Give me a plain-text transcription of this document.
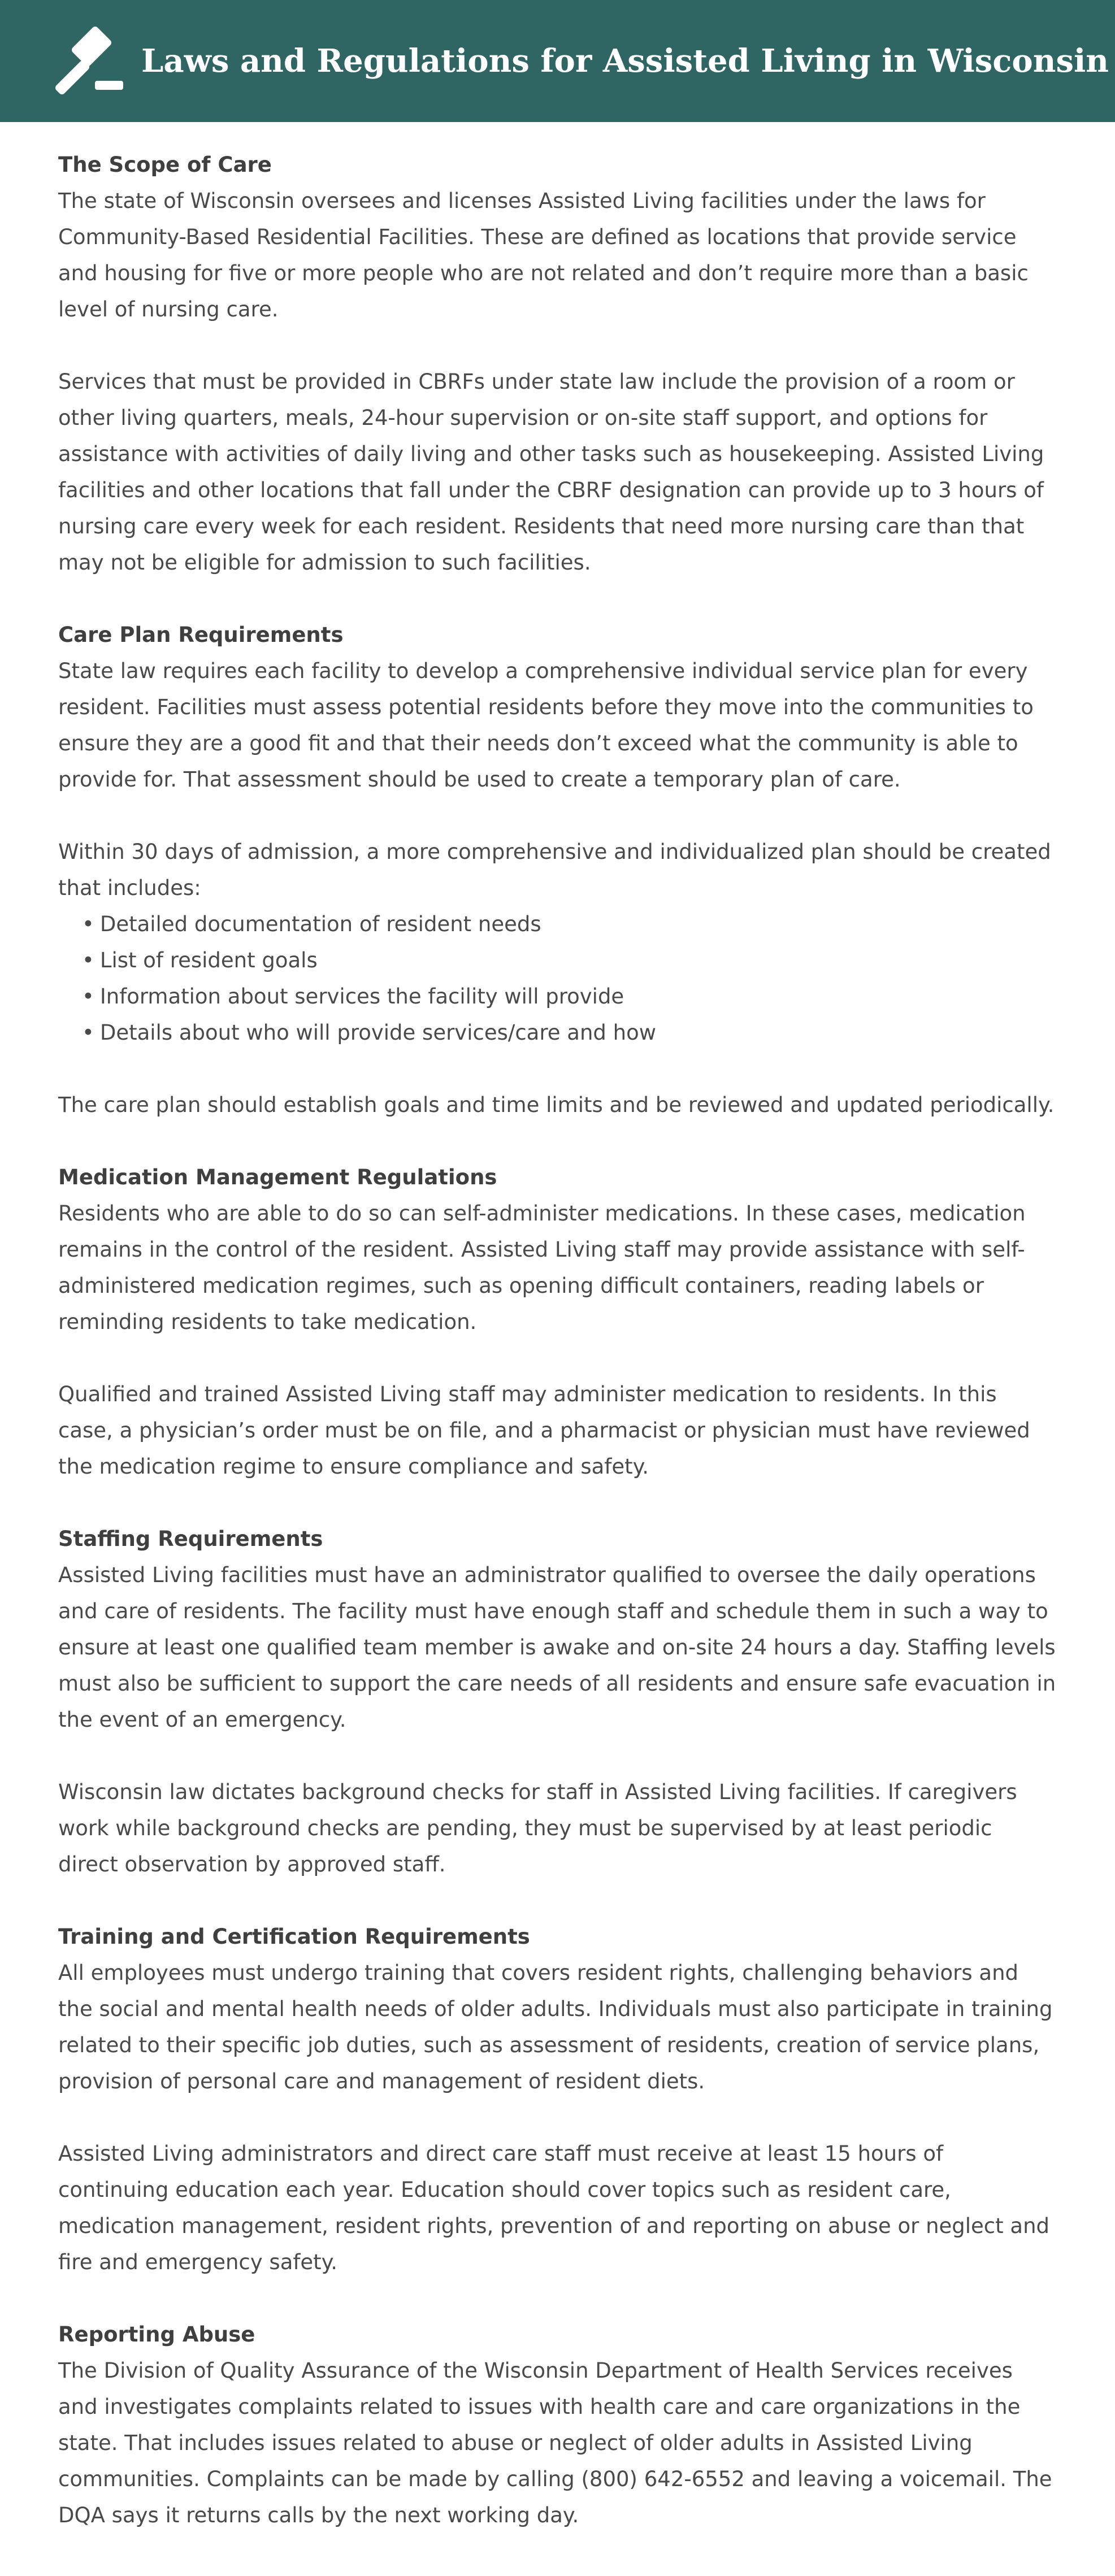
Laws and Regulations for Assisted Living in Wisconsin
The Scope of Care

The state of Wisconsin oversees and licenses Assisted Living facilities under the laws for Community-Based Residential Facilities. These are defined as locations that provide service and housing for five or more people who are not related and don’t require more than a basic level of nursing care.

Services that must be provided in CBRFs under state law include the provision of a room or other living quarters, meals, 24-hour supervision or on-site staff support, and options for assistance with activities of daily living and other tasks such as housekeeping. Assisted Living facilities and other locations that fall under the CBRF designation can provide up to 3 hours of nursing care every week for each resident. Residents that need more nursing care than that may not be eligible for admission to such facilities.

Care Plan Requirements

State law requires each facility to develop a comprehensive individual service plan for every resident. Facilities must assess potential residents before they move into the communities to ensure they are a good fit and that their needs don’t exceed what the community is able to provide for. That assessment should be used to create a temporary plan of care.

Within 30 days of admission, a more comprehensive and individualized plan should be created that includes:

• Detailed documentation of resident needs
• List of resident goals
• Information about services the facility will provide
• Details about who will provide services/care and how

The care plan should establish goals and time limits and be reviewed and updated periodically.

Medication Management Regulations

Residents who are able to do so can self-administer medications. In these cases, medication remains in the control of the resident. Assisted Living staff may provide assistance with self-administered medication regimes, such as opening difficult containers, reading labels or reminding residents to take medication.

Qualified and trained Assisted Living staff may administer medication to residents. In this case, a physician’s order must be on file, and a pharmacist or physician must have reviewed the medication regime to ensure compliance and safety.

Staffing Requirements

Assisted Living facilities must have an administrator qualified to oversee the daily operations and care of residents. The facility must have enough staff and schedule them in such a way to ensure at least one qualified team member is awake and on-site 24 hours a day. Staffing levels must also be sufficient to support the care needs of all residents and ensure safe evacuation in the event of an emergency.

Wisconsin law dictates background checks for staff in Assisted Living facilities. If caregivers work while background checks are pending, they must be supervised by at least periodic direct observation by approved staff.

Training and Certification Requirements

All employees must undergo training that covers resident rights, challenging behaviors and the social and mental health needs of older adults. Individuals must also participate in training related to their specific job duties, such as assessment of residents, creation of service plans, provision of personal care and management of resident diets.

Assisted Living administrators and direct care staff must receive at least 15 hours of continuing education each year. Education should cover topics such as resident care, medication management, resident rights, prevention of and reporting on abuse or neglect and fire and emergency safety.

Reporting Abuse

The Division of Quality Assurance of the Wisconsin Department of Health Services receives and investigates complaints related to issues with health care and care organizations in the state. That includes issues related to abuse or neglect of older adults in Assisted Living communities. Complaints can be made by calling (800) 642-6552 and leaving a voicemail. The DQA says it returns calls by the next working day.
